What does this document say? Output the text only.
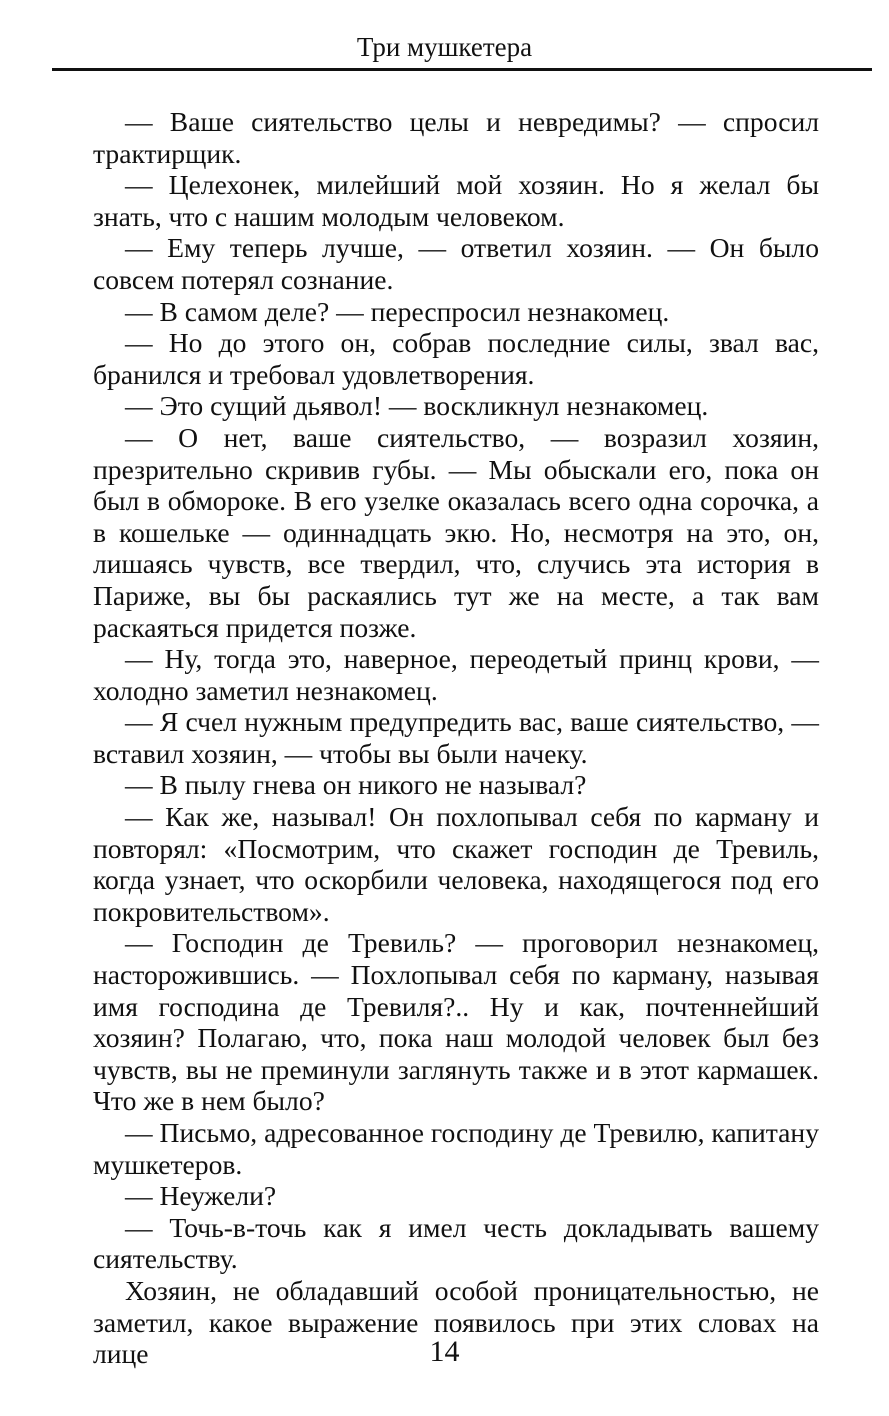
Три мушкетера

— Ваше сиятельство целы и невредимы? — спросил трактирщик.

— Целехонек, милейший мой хозяин. Но я желал бы знать, что с нашим молодым человеком.

— Ему теперь лучше, — ответил хозяин. — Он было совсем потерял сознание.

— В самом деле? — переспросил незнакомец.

— Но до этого он, собрав последние силы, звал вас, бранился и требовал удовлетворения.

— Это сущий дьявол! — воскликнул незнакомец.

— О нет, ваше сиятельство, — возразил хозяин, презрительно скривив губы. — Мы обыскали его, пока он был в обмороке. В его узелке оказалась всего одна сорочка, а в кошельке — одиннадцать экю. Но, несмотря на это, он, лишаясь чувств, все твердил, что, случись эта история в Париже, вы бы раскаялись тут же на месте, а так вам раскаяться придется позже.

— Ну, тогда это, наверное, переодетый принц крови, — холодно заметил незнакомец.

— Я счел нужным предупредить вас, ваше сиятельство, — вставил хозяин, — чтобы вы были начеку.

— В пылу гнева он никого не называл?

— Как же, называл! Он похлопывал себя по карману и повторял: «Посмотрим, что скажет господин де Тревиль, когда узнает, что оскорбили человека, находящегося под его покровительством».

— Господин де Тревиль? — проговорил незнакомец, насторожившись. — Похлопывал себя по карману, называя имя господина де Тревиля?.. Ну и как, почтеннейший хозяин? Полагаю, что, пока наш молодой человек был без чувств, вы не преминули заглянуть также и в этот кармашек. Что же в нем было?

— Письмо, адресованное господину де Тревилю, капитану мушкетеров.

— Неужели?

— Точь-в-точь как я имел честь докладывать вашему сиятельству.

Хозяин, не обладавший особой проницательностью, не заметил, какое выражение появилось при этих словах на лице	14
